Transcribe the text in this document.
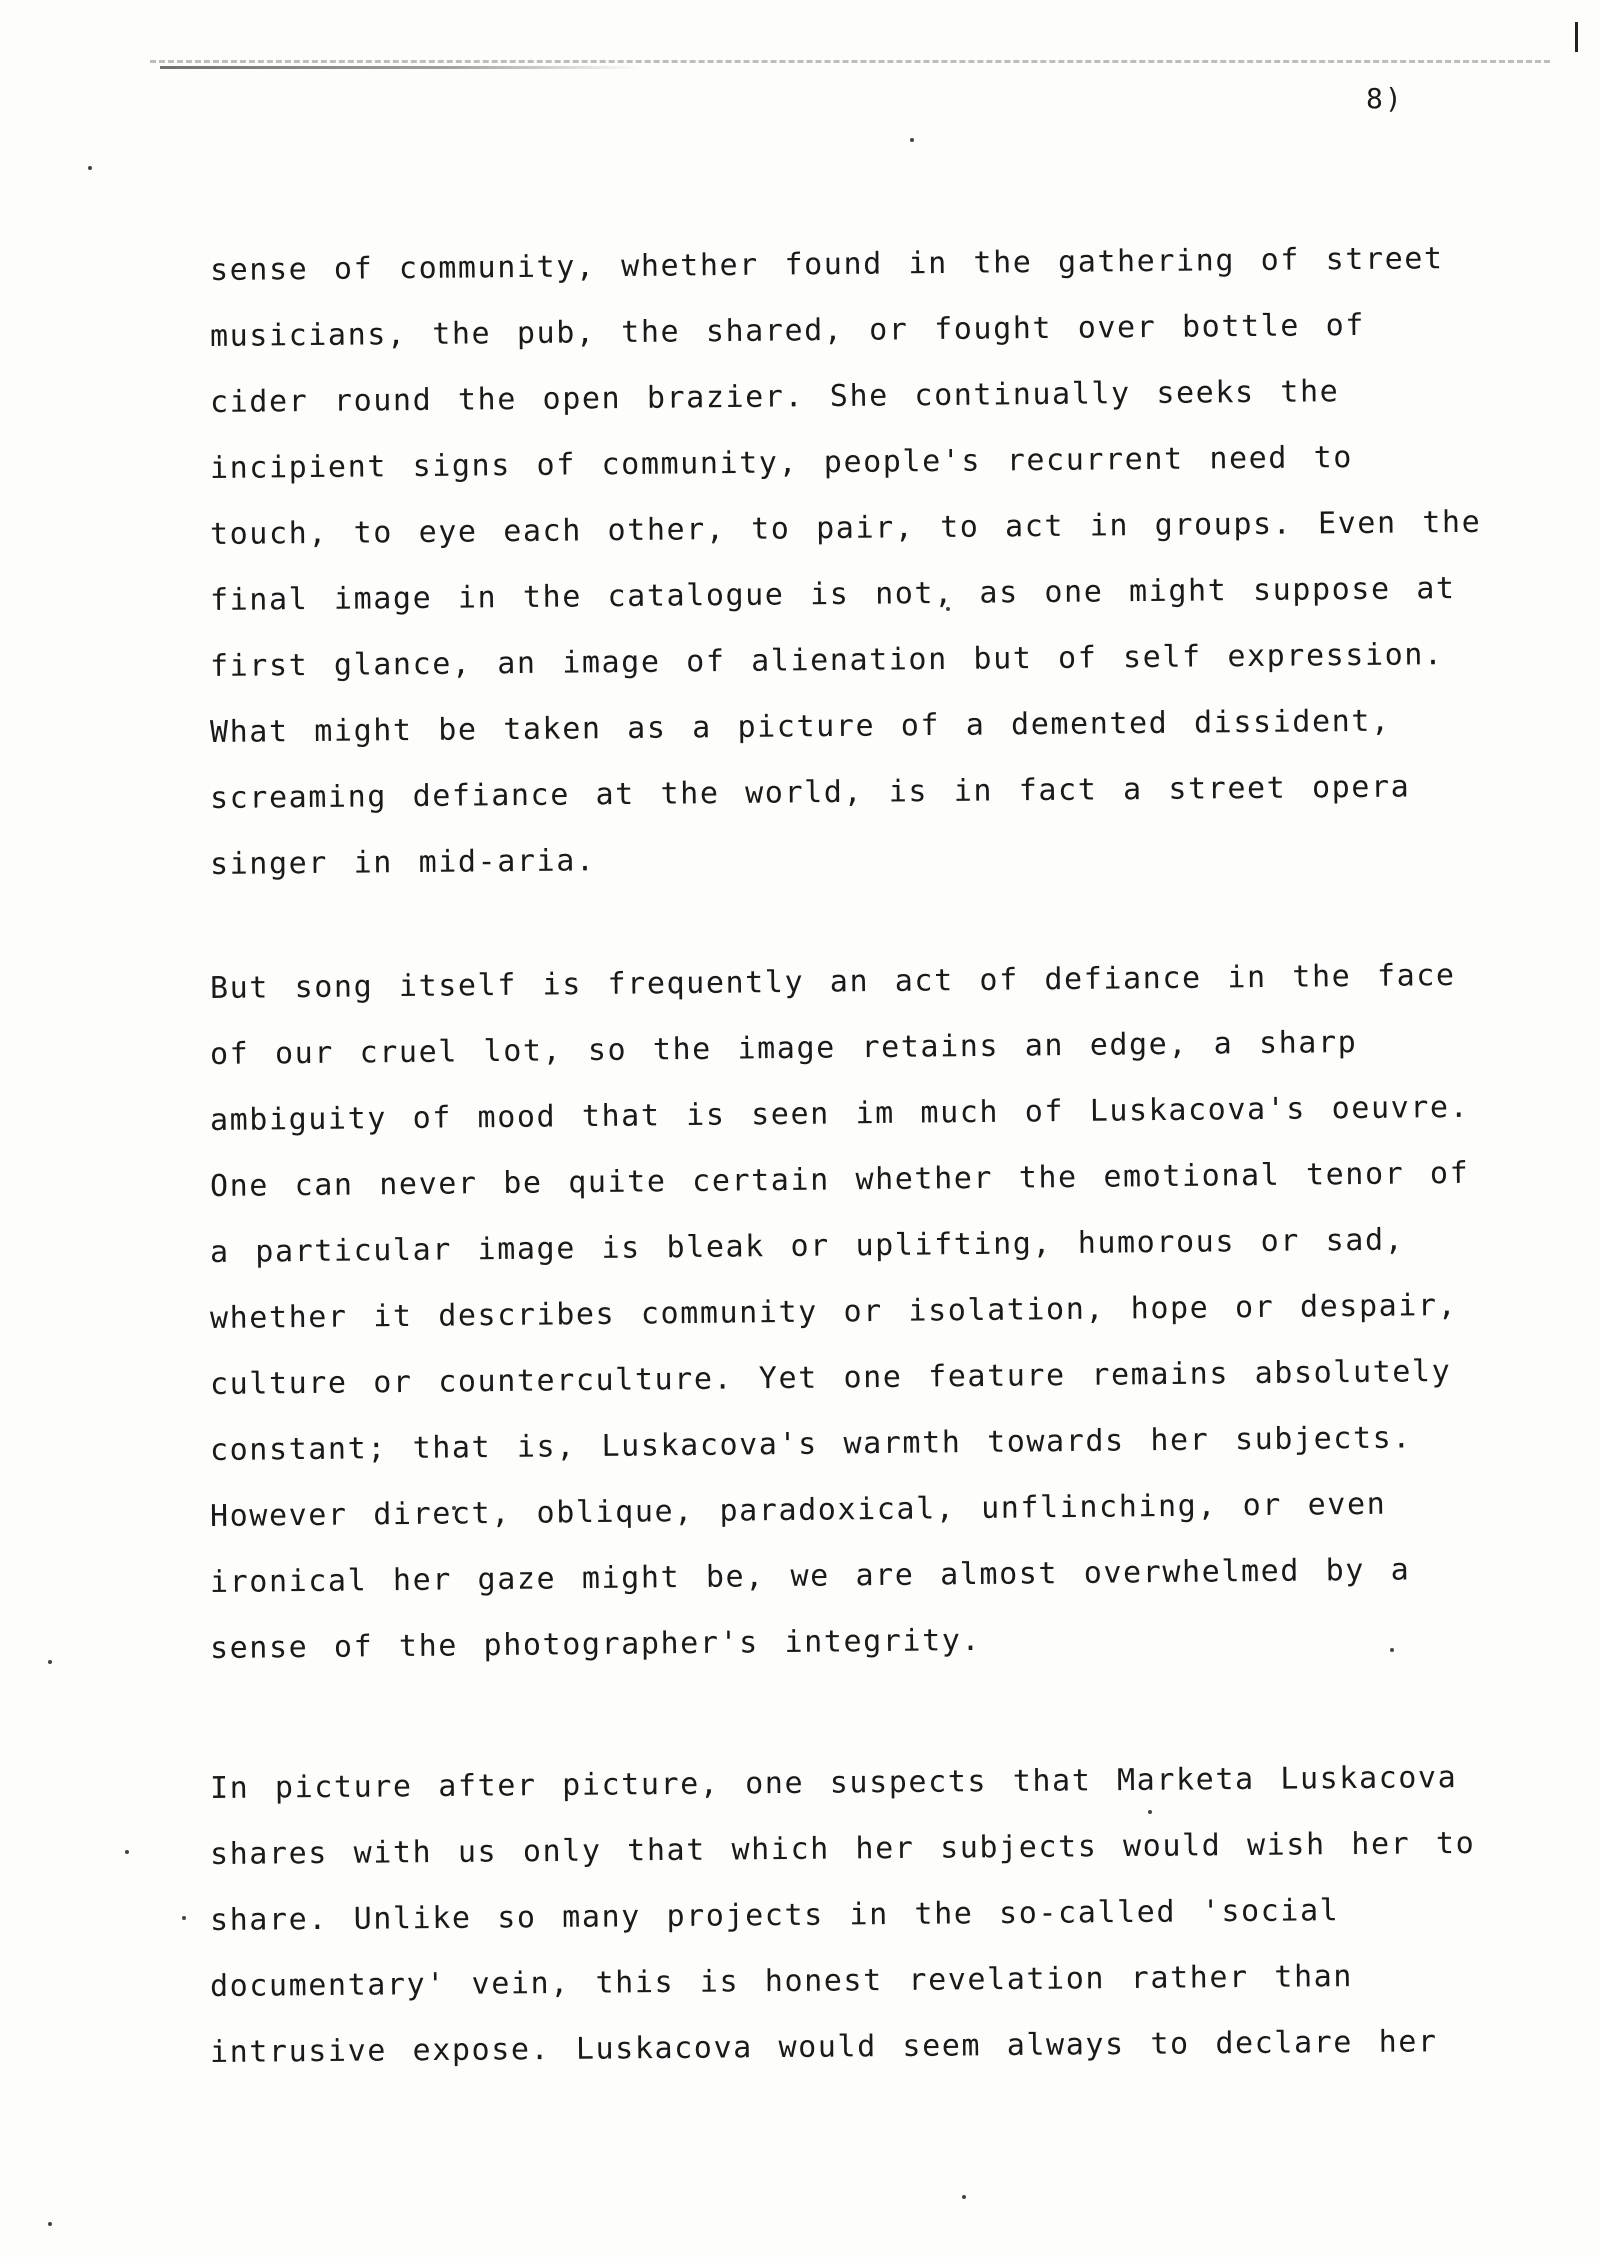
8)
sense of community, whether found in the gathering of street
musicians, the pub, the shared, or fought over bottle of
cider round the open brazier. She continually seeks the
incipient signs of community, people's recurrent need to
touch, to eye each other, to pair, to act in groups. Even the
final image in the catalogue is not, as one might suppose at
first glance, an image of alienation but of self expression.
What might be taken as a picture of a demented dissident,
screaming defiance at the world, is in fact a street opera
singer in mid-aria.
But song itself is frequently an act of defiance in the face
of our cruel lot, so the image retains an edge, a sharp
ambiguity of mood that is seen im much of Luskacova's oeuvre.
One can never be quite certain whether the emotional tenor of
a particular image is bleak or uplifting, humorous or sad,
whether it describes community or isolation, hope or despair,
culture or counterculture. Yet one feature remains absolutely
constant; that is, Luskacova's warmth towards her subjects.
However direct, oblique, paradoxical, unflinching, or even
ironical her gaze might be, we are almost overwhelmed by a
sense of the photographer's integrity.
In picture after picture, one suspects that Marketa Luskacova
shares with us only that which her subjects would wish her to
share. Unlike so many projects in the so-called 'social
documentary' vein, this is honest revelation rather than
intrusive expose. Luskacova would seem always to declare her
